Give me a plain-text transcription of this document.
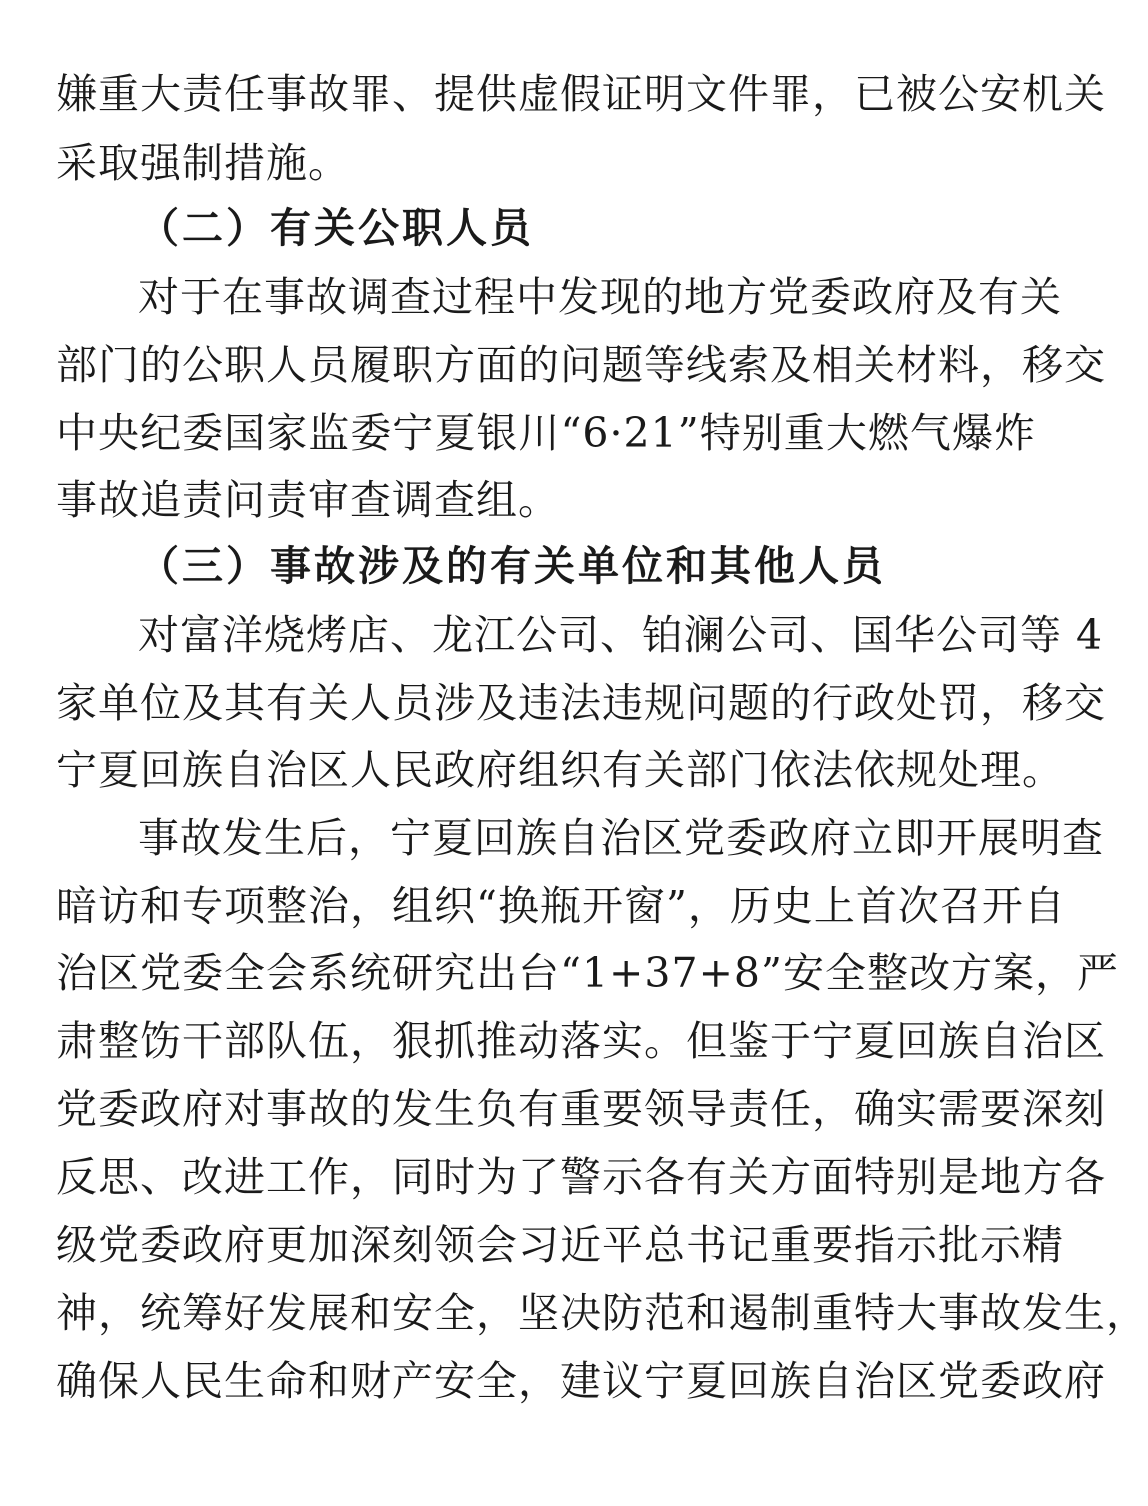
嫌重大责任事故罪、提供虚假证明文件罪，已被公安机关
采取强制措施。
（二）有关公职人员
对于在事故调查过程中发现的地方党委政府及有关
部门的公职人员履职方面的问题等线索及相关材料，移交
中央纪委国家监委宁夏银川“6·21”特别重大燃气爆炸
事故追责问责审查调查组。
（三）事故涉及的有关单位和其他人员
对富洋烧烤店、龙江公司、铂澜公司、国华公司等 4
家单位及其有关人员涉及违法违规问题的行政处罚，移交
宁夏回族自治区人民政府组织有关部门依法依规处理。
事故发生后，宁夏回族自治区党委政府立即开展明查
暗访和专项整治，组织“换瓶开窗”，历史上首次召开自
治区党委全会系统研究出台“1+37+8”安全整改方案，严
肃整饬干部队伍，狠抓推动落实。但鉴于宁夏回族自治区
党委政府对事故的发生负有重要领导责任，确实需要深刻
反思、改进工作，同时为了警示各有关方面特别是地方各
级党委政府更加深刻领会习近平总书记重要指示批示精
神，统筹好发展和安全，坚决防范和遏制重特大事故发生，
确保人民生命和财产安全，建议宁夏回族自治区党委政府
